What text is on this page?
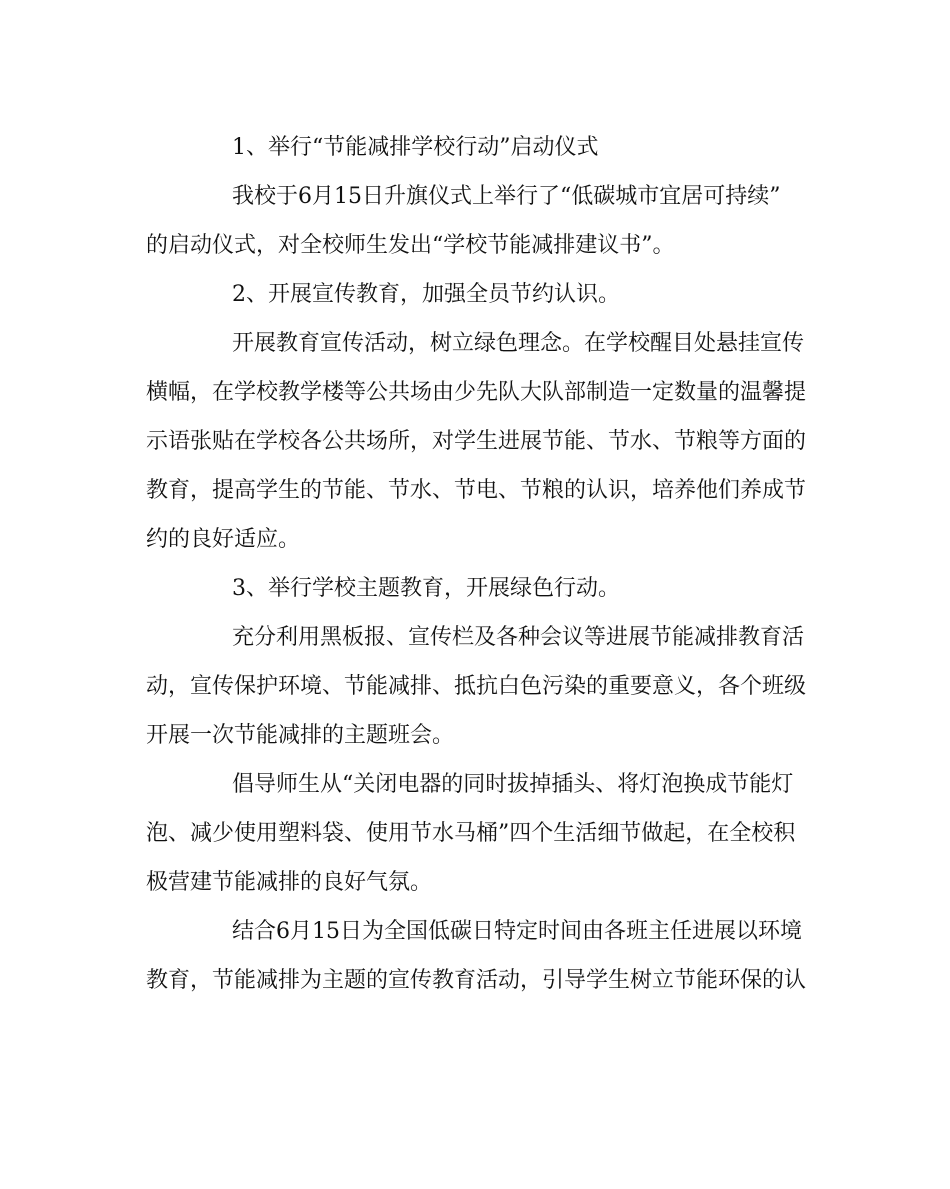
1、举行“节能减排学校行动”启动仪式

我校于6月15日升旗仪式上举行了“低碳城市宜居可持续”

的启动仪式，对全校师生发出“学校节能减排建议书”。

2、开展宣传教育，加强全员节约认识。

开展教育宣传活动，树立绿色理念。在学校醒目处悬挂宣传

横幅，在学校教学楼等公共场由少先队大队部制造一定数量的温馨提

示语张贴在学校各公共场所，对学生进展节能、节水、节粮等方面的

教育，提高学生的节能、节水、节电、节粮的认识，培养他们养成节

约的良好适应。

3、举行学校主题教育，开展绿色行动。

充分利用黑板报、宣传栏及各种会议等进展节能减排教育活

动，宣传保护环境、节能减排、抵抗白色污染的重要意义，各个班级

开展一次节能减排的主题班会。

倡导师生从“关闭电器的同时拔掉插头、将灯泡换成节能灯

泡、减少使用塑料袋、使用节水马桶”四个生活细节做起，在全校积

极营建节能减排的良好气氛。

结合6月15日为全国低碳日特定时间由各班主任进展以环境

教育，节能减排为主题的宣传教育活动，引导学生树立节能环保的认
